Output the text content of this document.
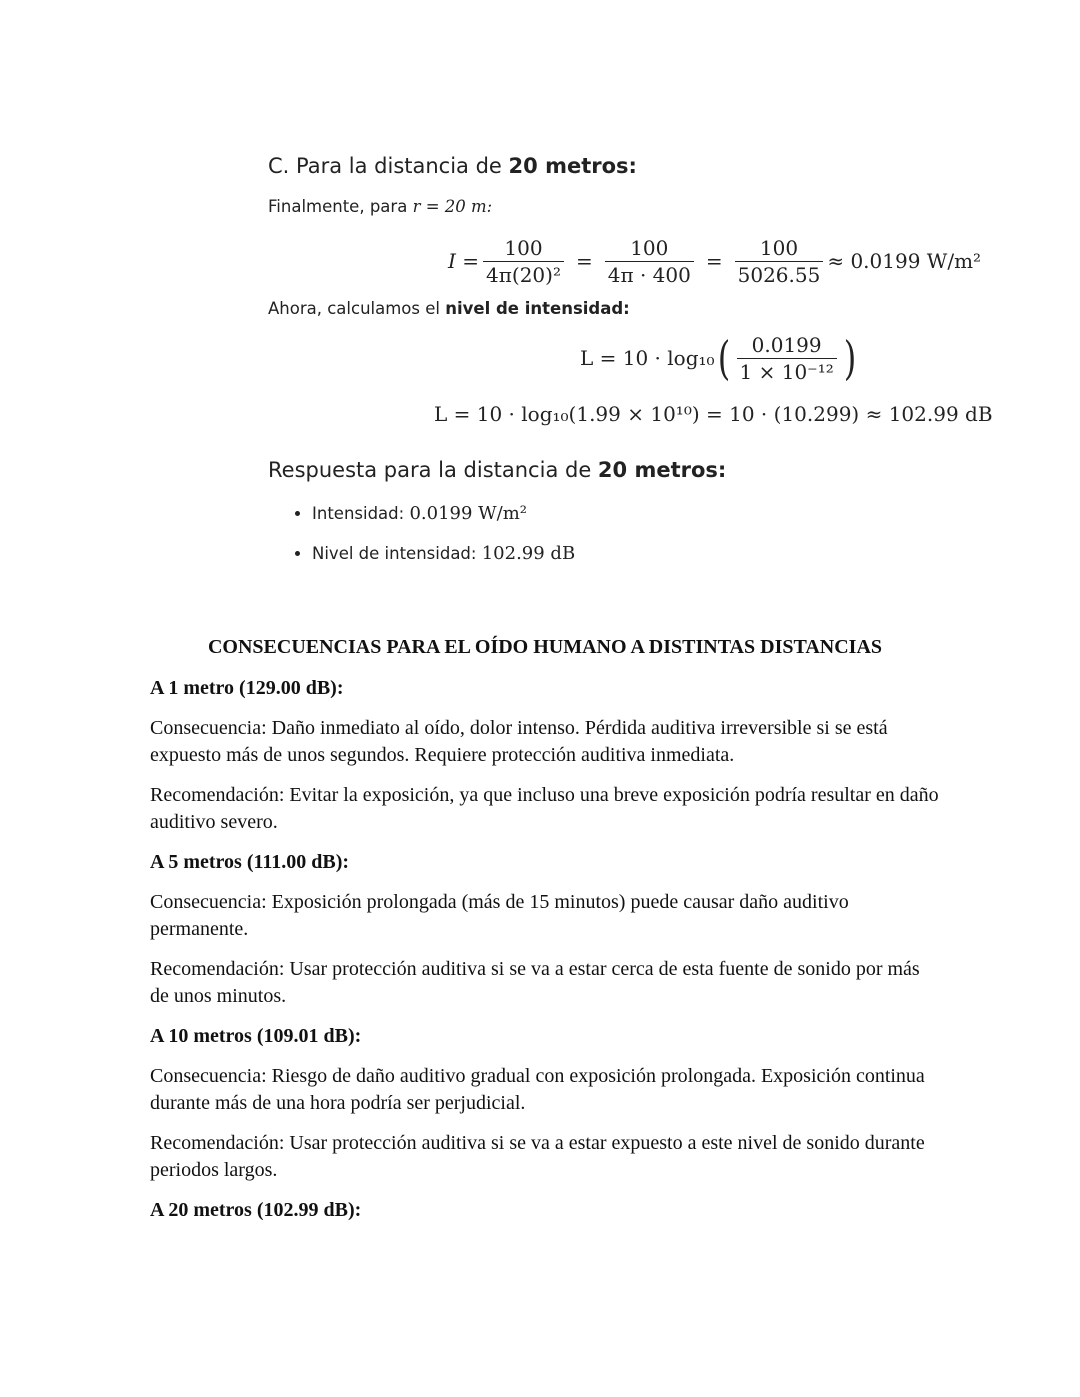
C. Para la distancia de 20 metros:
Finalmente, para r = 20 m:
$I = \frac{100}{\text{4π(20)²}} = \frac{100}{4\pi \cdot 400} = \frac{100}{5026.55} \approx 0.0199$ W/m²
Ahora, calculamos el nivel de intensidad:
L = 10 · log₁₀ ( $\frac{0.0199}{\text{1 × 10⁻¹²}}$ )
L = 10 · log₁₀(1.99 × 10¹⁰) = 10 · (10.299) ≈ 102.99 dB
Respuesta para la distancia de 20 metros:
• Intensidad: 0.0199 W/m²
• Nivel de intensidad: 102.99 dB
CONSECUENCIAS PARA EL OÍDO HUMANO A DISTINTAS DISTANCIAS
A 1 metro (129.00 dB):

Consecuencia: Daño inmediato al oído, dolor intenso. Pérdida auditiva irreversible si se está expuesto más de unos segundos. Requiere protección auditiva inmediata.

Recomendación: Evitar la exposición, ya que incluso una breve exposición podría resultar en daño auditivo severo.

A 5 metros (111.00 dB):

Consecuencia: Exposición prolongada (más de 15 minutos) puede causar daño auditivo permanente.

Recomendación: Usar protección auditiva si se va a estar cerca de esta fuente de sonido por más de unos minutos.

A 10 metros (109.01 dB):

Consecuencia: Riesgo de daño auditivo gradual con exposición prolongada. Exposición continua durante más de una hora podría ser perjudicial.

Recomendación: Usar protección auditiva si se va a estar expuesto a este nivel de sonido durante periodos largos.

A 20 metros (102.99 dB):
